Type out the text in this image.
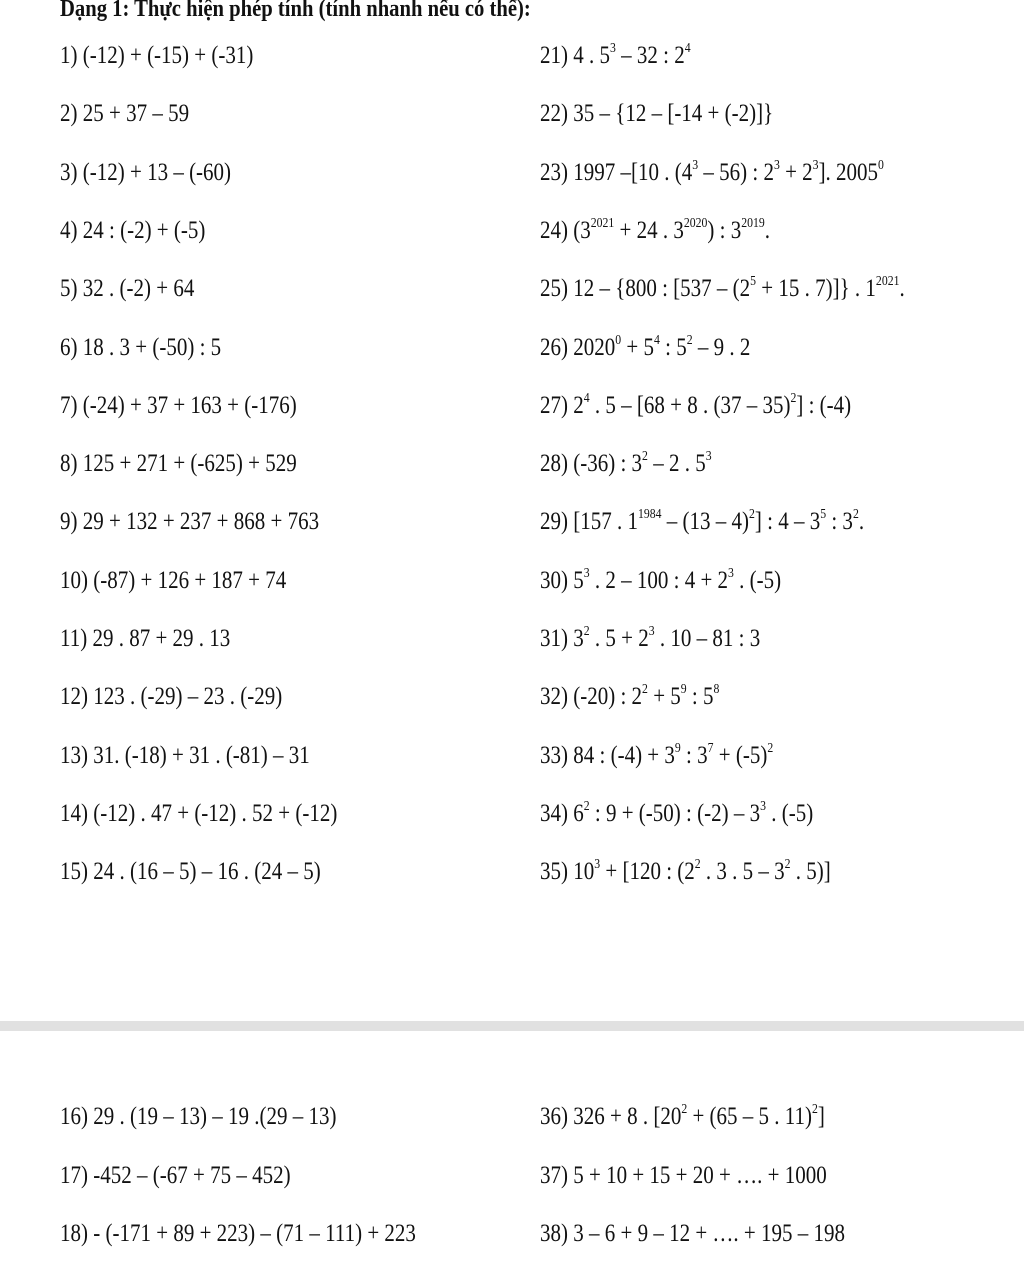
Dạng 1: Thực hiện phép tính (tính nhanh nếu có thể):
1) (-12) + (-15) + (-31)
2) 25 + 37 – 59
3) (-12) + 13 – (-60)
4) 24 : (-2) + (-5)
5) 32 . (-2) + 64
6) 18 . 3 + (-50) : 5
7) (-24) + 37 + 163 + (-176)
8) 125 + 271 + (-625) + 529
9) 29 + 132 + 237 + 868 + 763
10) (-87) + 126 + 187 + 74
11) 29 . 87 + 29 . 13
12) 123 . (-29) – 23 . (-29)
13) 31. (-18) + 31 . (-81) – 31
14) (-12) . 47 + (-12) . 52 + (-12)
15) 24 . (16 – 5) – 16 . (24 – 5)
21) 4 . $5^3 - 32$ : $2^4$
22) 35 – {12 – [-14 + (-2)]}
23) 1997 –[10 . $(4^3 - 56)$ : $2^3 + 2^3$]. 2005$^0$
24) ($3^{2021} + 24$ . $3^{2020}$) : $3^{2019}$.
25) 12 – {800 : [$537 - (2^5 + 15$ . 7)]} . $1^{2021}$.
26) $2020^0 + 5^4$ : $5^2 - 9$ . 2
27) $2^4$ . 5 – [68 + 8 . (37 – 35)$^2$] : (-4)
28) (-36) : $3^2 - 2$ . $5^3$
29) [157 . $1^{1984} - (13 - 4)^2$] : $4 - 3^5$ : $3^2$.
30) $5^3$ . 2 – 100 : $4 + 2^3$ . (-5)
31) $3^2$ . $5 + 2^3$ . 10 – 81 : 3
32) (-20) : $2^2 + 5^9$ : $5^8$
33) 84 : $(-4) + 3^9$ : $3^7 + (-5)^2$
34) $6^2$ : 9 + (-50) : $(-2) - 3^3$ . (-5)
35) $10^3 + [120$ : ($2^2$ . 3 . $5 - 3^2$ . 5)]
16) 29 . (19 – 13) – 19 .(29 – 13)
17) -452 – (-67 + 75 – 452)
18) - (-171 + 89 + 223) – (71 – 111) + 223
36) 326 + 8 . [$20^2 + (65 - 5$ . 11)$^2$]
37) 5 + 10 + 15 + 20 + …. + 1000
38) 3 – 6 + 9 – 12 + …. + 195 – 198
